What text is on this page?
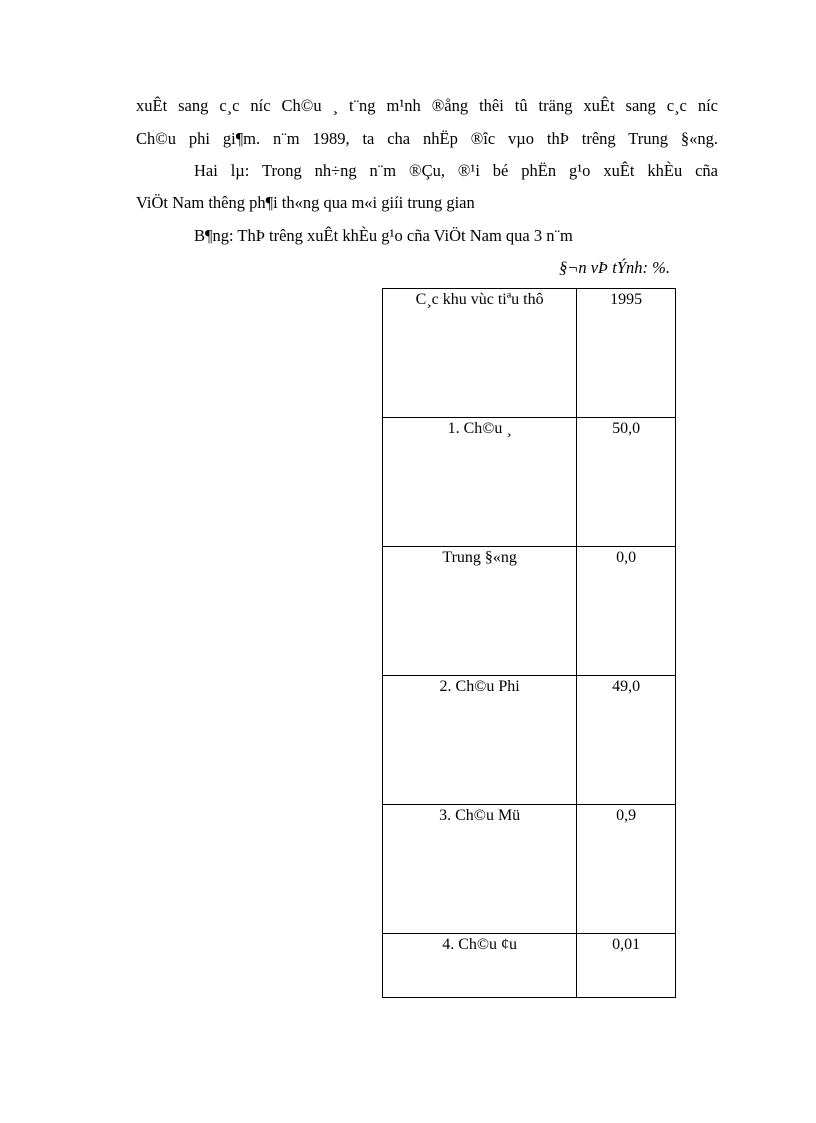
xuÊt sang c¸c níc Ch©u ¸ t¨ng m¹nh ®ång thêi tû träng xuÊt sang c¸c níc
Ch©u phi gi¶m. n¨m 1989, ta cha nhËp ®îc vµo thÞ trêng Trung §«ng.
Hai lµ: Trong nh÷ng n¨m ®Çu, ®¹i bé phËn g¹o xuÊt khÈu cña
ViÖt Nam thêng ph¶i th«ng qua m«i giíi trung gian
B¶ng: ThÞ trêng xuÊt khÈu g¹o cña ViÖt Nam qua 3 n¨m
§¬n vÞ tÝnh: %.
C¸c khu vùc tiªu thô	1995
1. Ch©u ¸	50,0
Trung §«ng	0,0
2. Ch©u Phi	49,0
3. Ch©u Mü	0,9
4. Ch©u ¢u	0,01
